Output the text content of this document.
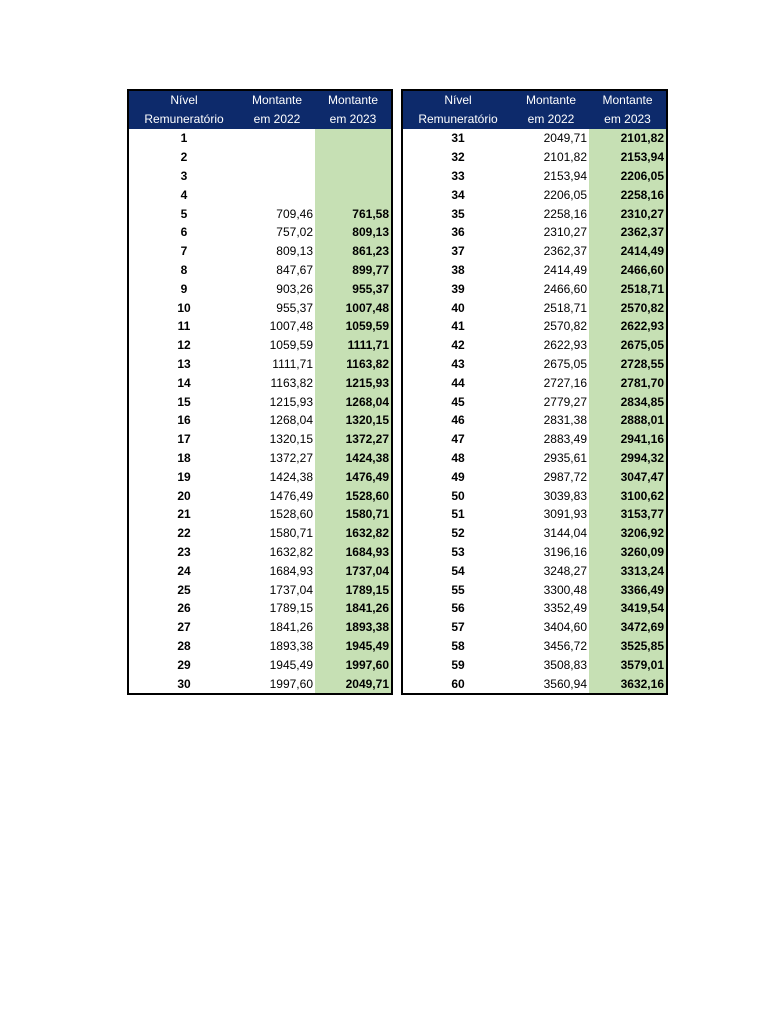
Nível
Remuneratório
Montante
em 2022
Montante
em 2023
1
2
3
4
5	709,46	761,58
6	757,02	809,13
7	809,13	861,23
8	847,67	899,77
9	903,26	955,37
10	955,37	1007,48
11	1007,48	1059,59
12	1059,59	1111,71
13	1111,71	1163,82
14	1163,82	1215,93
15	1215,93	1268,04
16	1268,04	1320,15
17	1320,15	1372,27
18	1372,27	1424,38
19	1424,38	1476,49
20	1476,49	1528,60
21	1528,60	1580,71
22	1580,71	1632,82
23	1632,82	1684,93
24	1684,93	1737,04
25	1737,04	1789,15
26	1789,15	1841,26
27	1841,26	1893,38
28	1893,38	1945,49
29	1945,49	1997,60
30	1997,60	2049,71
Nível
Remuneratório
Montante
em 2022
Montante
em 2023
31	2049,71	2101,82
32	2101,82	2153,94
33	2153,94	2206,05
34	2206,05	2258,16
35	2258,16	2310,27
36	2310,27	2362,37
37	2362,37	2414,49
38	2414,49	2466,60
39	2466,60	2518,71
40	2518,71	2570,82
41	2570,82	2622,93
42	2622,93	2675,05
43	2675,05	2728,55
44	2727,16	2781,70
45	2779,27	2834,85
46	2831,38	2888,01
47	2883,49	2941,16
48	2935,61	2994,32
49	2987,72	3047,47
50	3039,83	3100,62
51	3091,93	3153,77
52	3144,04	3206,92
53	3196,16	3260,09
54	3248,27	3313,24
55	3300,48	3366,49
56	3352,49	3419,54
57	3404,60	3472,69
58	3456,72	3525,85
59	3508,83	3579,01
60	3560,94	3632,16
